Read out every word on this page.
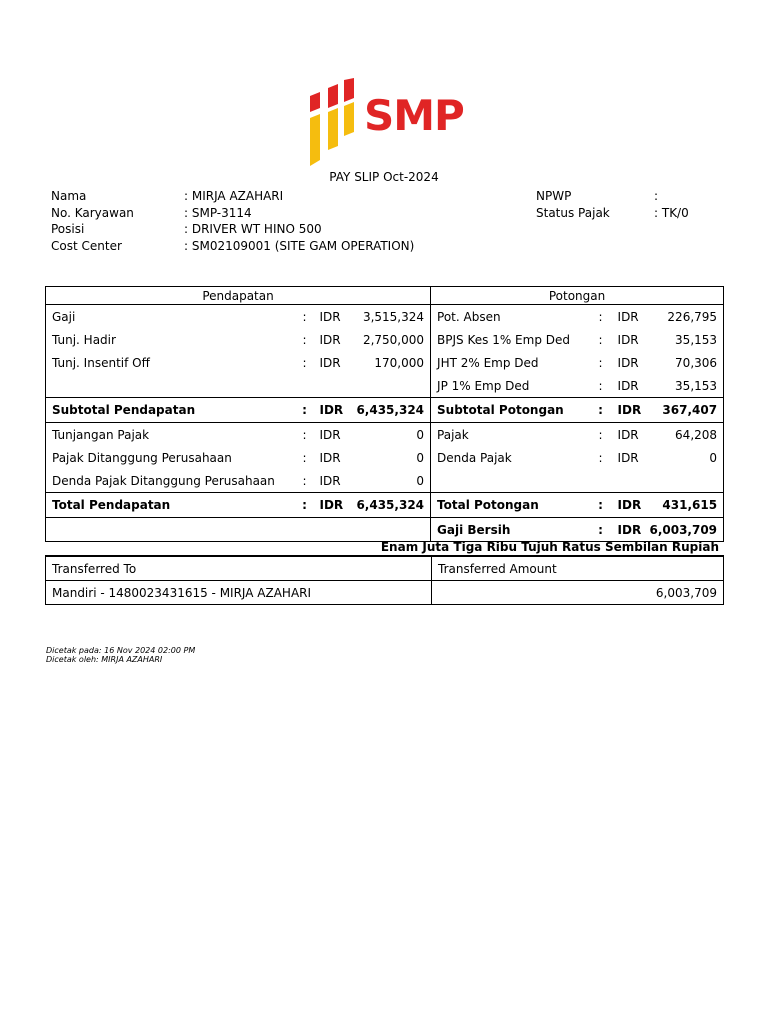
SMP
PAY SLIP Oct-2024
Nama	: MIRJA AZAHARI
No. Karyawan	: SMP-3114
Posisi	: DRIVER WT HINO 500
Cost Center	: SM02109001 (SITE GAM OPERATION)
NPWP	:
Status Pajak	: TK/0
Pendapatan				Potongan			
Gaji	:	IDR	3,515,324	Pot. Absen	:	IDR	226,795
Tunj. Hadir	:	IDR	2,750,000	BPJS Kes 1% Emp Ded	:	IDR	35,153
Tunj. Insentif Off	:	IDR	170,000	JHT 2% Emp Ded	:	IDR	70,306
				JP 1% Emp Ded	:	IDR	35,153
Subtotal Pendapatan	:	IDR	6,435,324	Subtotal Potongan	:	IDR	367,407
Tunjangan Pajak	:	IDR	0	Pajak	:	IDR	64,208
Pajak Ditanggung Perusahaan	:	IDR	0	Denda Pajak	:	IDR	0
Denda Pajak Ditanggung Perusahaan	:	IDR	0				
Total Pendapatan	:	IDR	6,435,324	Total Potongan	:	IDR	431,615
				Gaji Bersih	:	IDR	6,003,709
Enam Juta Tiga Ribu Tujuh Ratus Sembilan Rupiah
Transferred To	Transferred Amount
Mandiri - 1480023431615 - MIRJA AZAHARI	6,003,709
Dicetak pada: 16 Nov 2024 02:00 PM
Dicetak oleh: MIRJA AZAHARI
